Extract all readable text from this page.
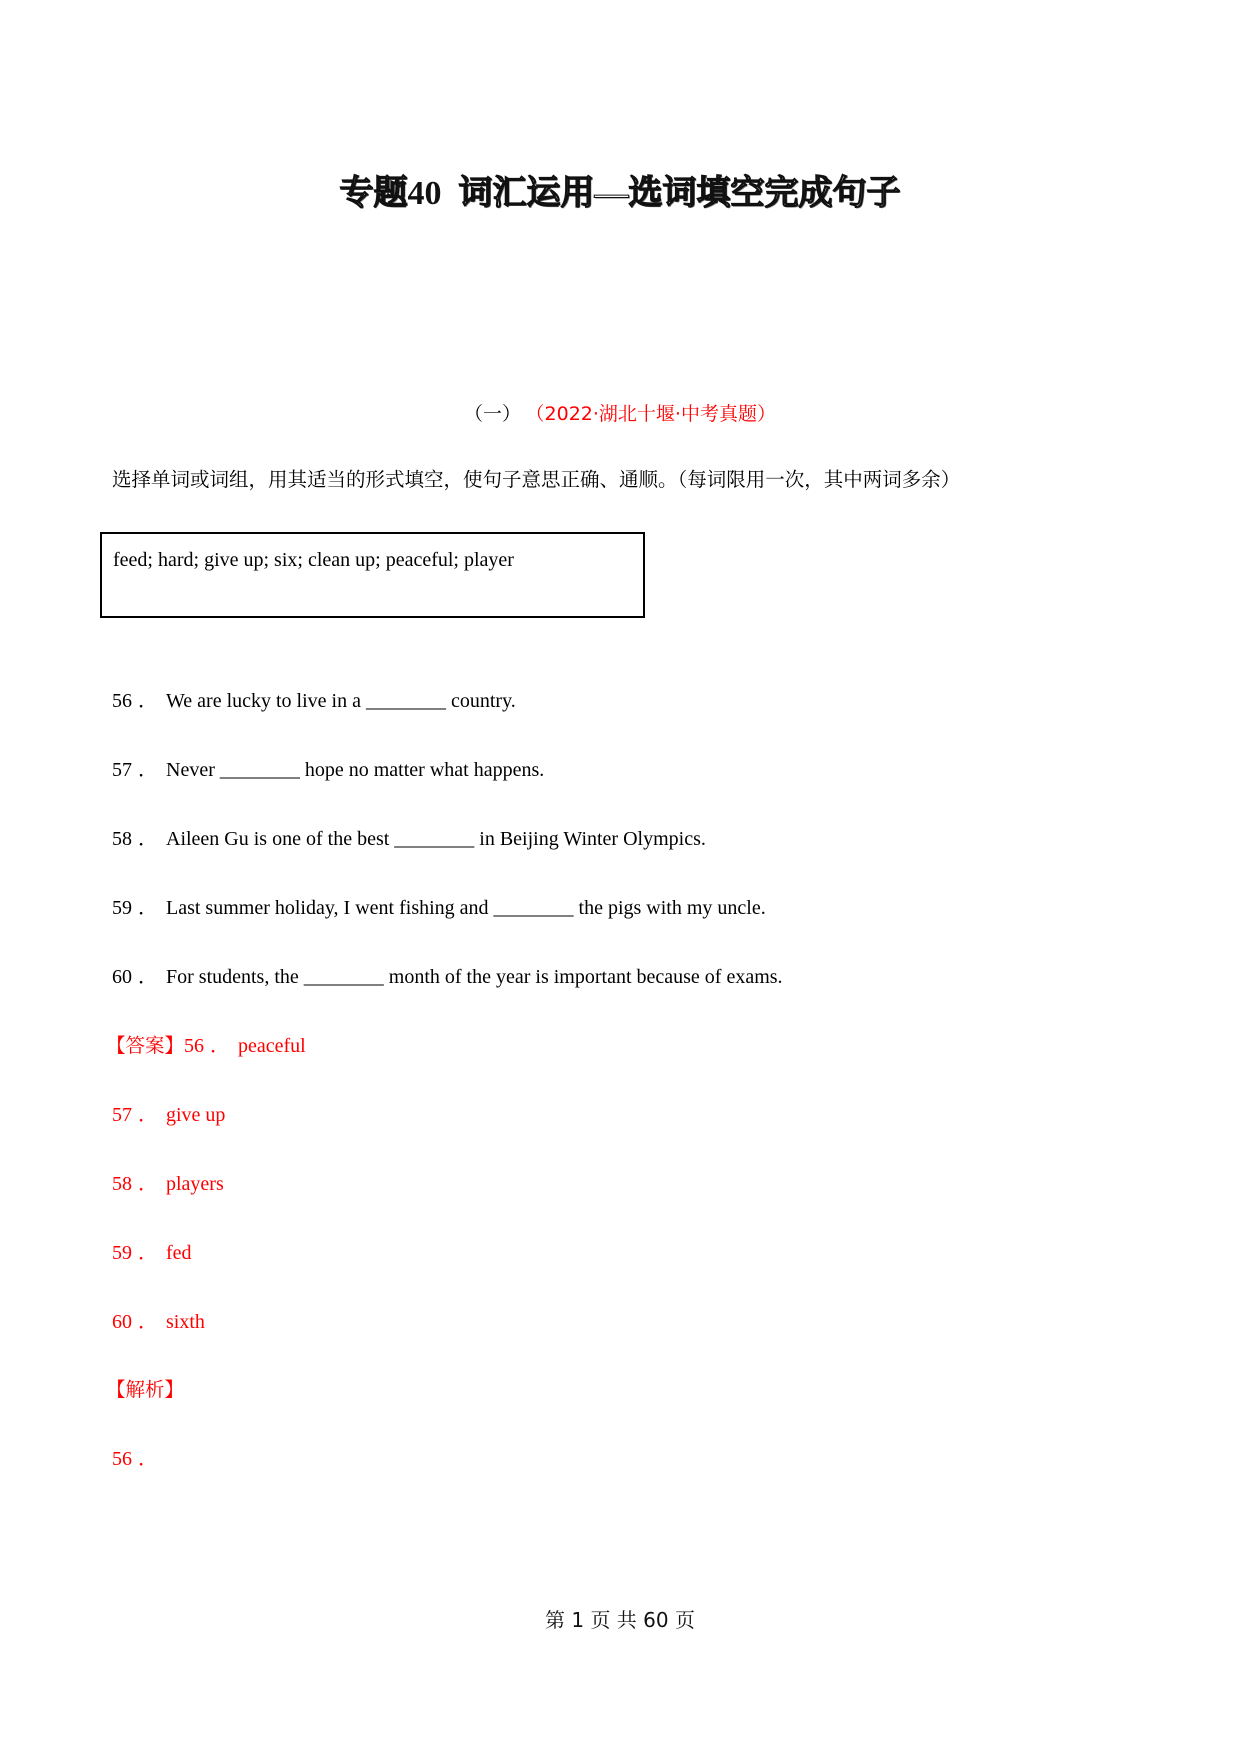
专题40 词汇运用—选词填空完成句子
（一） （2022·湖北十堰·中考真题）
选择单词或词组，用其适当的形式填空，使句子意思正确、通顺。（每词限用一次，其中两词多余）
feed; hard; give up; six; clean up; peaceful; player
56 ． We are lucky to live in a ________ country.
57 ． Never ________ hope no matter what happens.
58 ． Aileen Gu is one of the best ________ in Beijing Winter Olympics.
59 ． Last summer holiday, I went fishing and ________ the pigs with my uncle.
60 ． For students, the ________ month of the year is important because of exams.
【答案】56 ． peaceful
57 ． give up
58 ． players
59 ． fed
60 ． sixth
【解析】
56 ．
第 1 页 共 60 页
